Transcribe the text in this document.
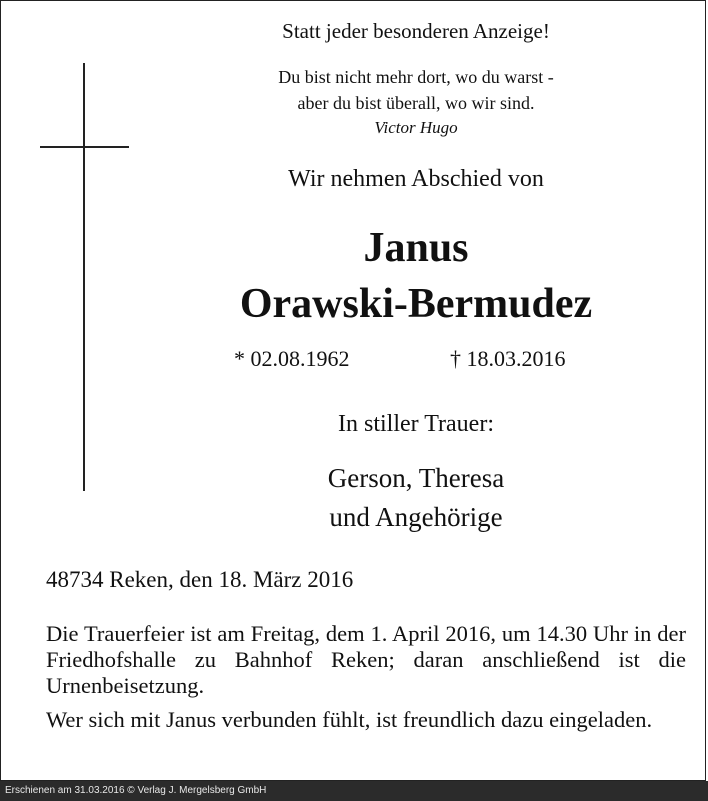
Statt jeder besonderen Anzeige!
Du bist nicht mehr dort, wo du warst -
aber du bist überall, wo wir sind.
Victor Hugo
Wir nehmen Abschied von
Janus
Orawski-Bermudez
* 02.08.1962	† 18.03.2016
In stiller Trauer:
Gerson, Theresa
und Angehörige
48734 Reken, den 18. März 2016
Die Trauerfeier ist am Freitag, dem 1. April 2016, um 14.30 Uhr in der Friedhofshalle zu Bahnhof Reken; daran anschließend ist die Urnenbeisetzung.
Wer sich mit Janus verbunden fühlt, ist freundlich dazu eingeladen.
Erschienen am 31.03.2016 © Verlag J. Mergelsberg GmbH
